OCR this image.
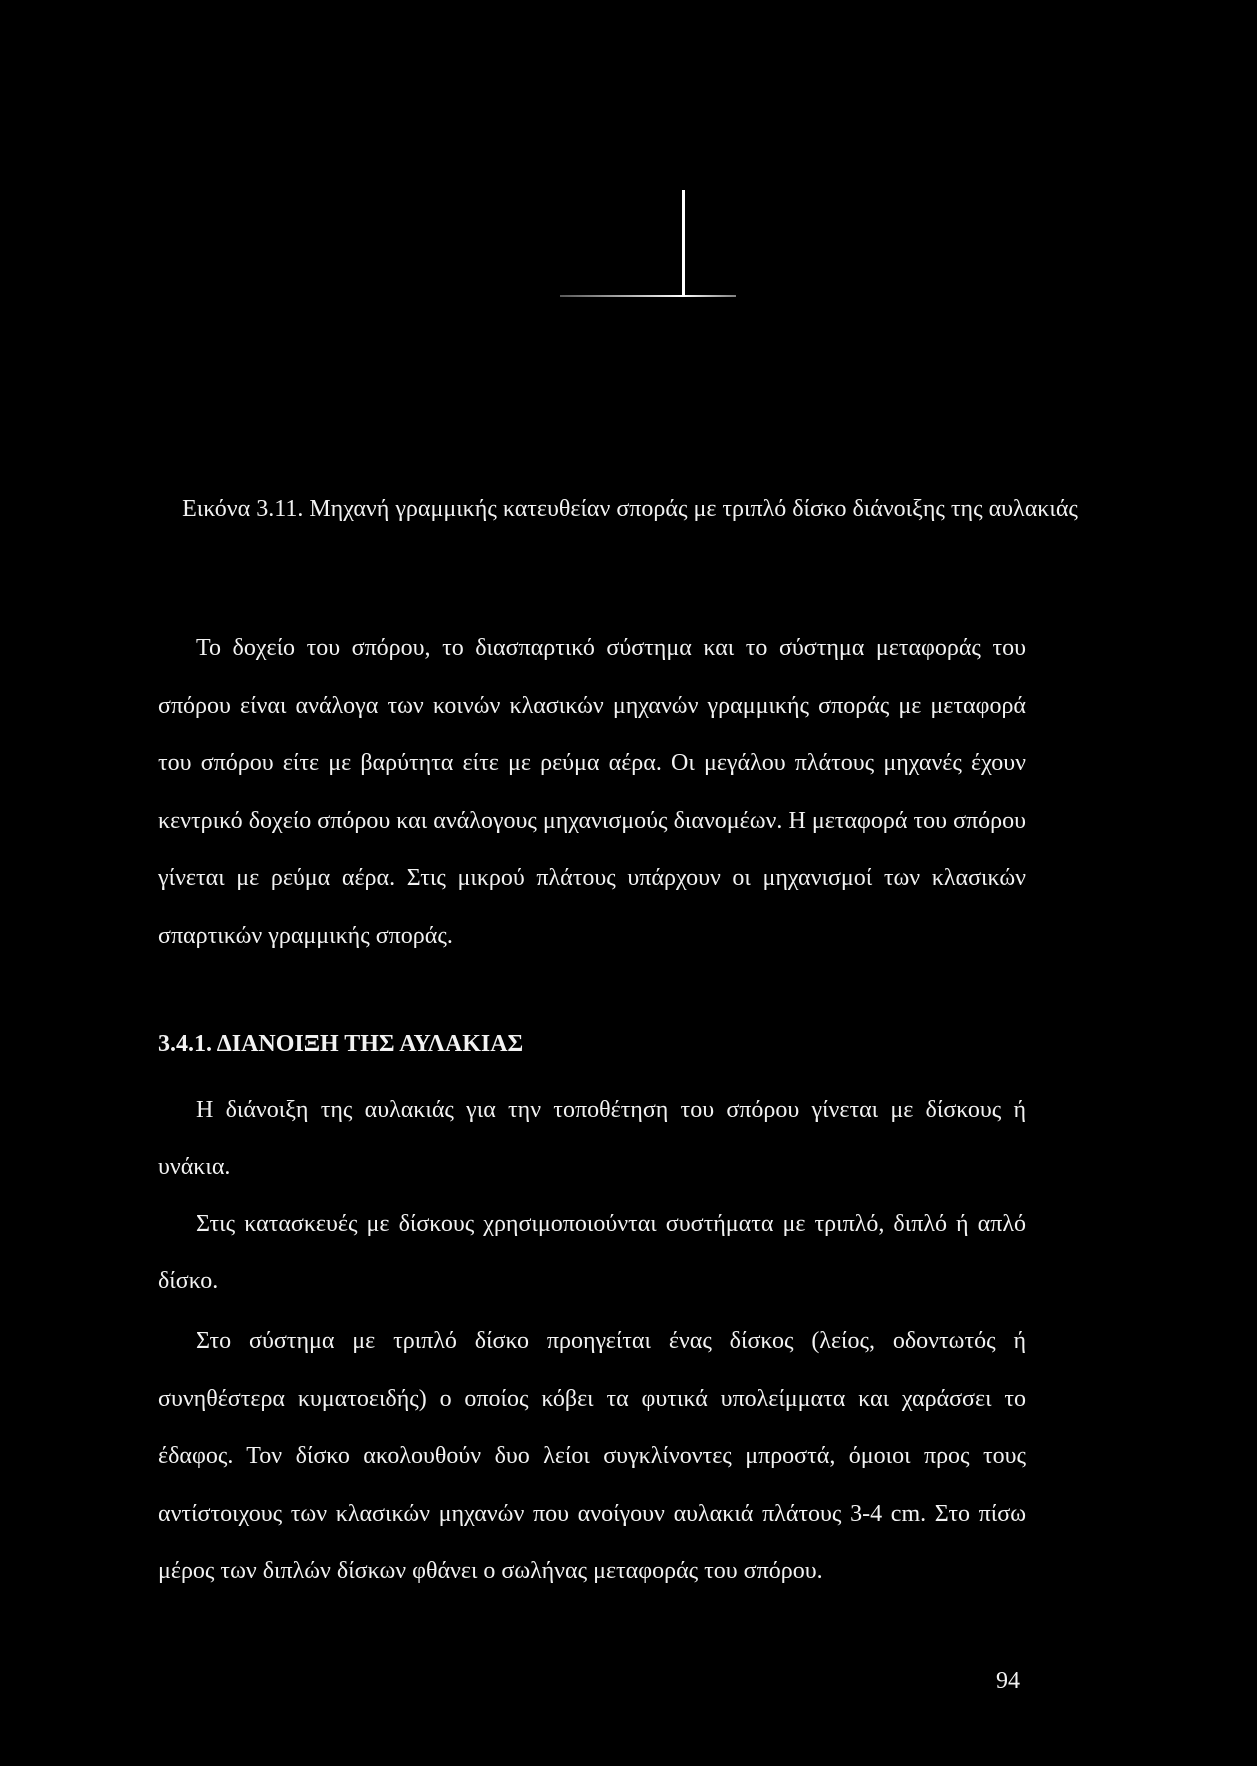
Εικόνα 3.11. Μηχανή γραμμικής κατευθείαν σποράς με τριπλό δίσκο διάνοιξης της αυλακιάς
Το δοχείο του σπόρου, το διασπαρτικό σύστημα και το σύστημα μεταφοράς του σπόρου είναι ανάλογα των κοινών κλασικών μηχανών γραμμικής σποράς με μεταφορά του σπόρου είτε με βαρύτητα είτε με ρεύμα αέρα. Οι μεγάλου πλάτους μηχανές έχουν κεντρικό δοχείο σπόρου και ανάλογους μηχανισμούς διανομέων. Η μεταφορά του σπόρου γίνεται με ρεύμα αέρα. Στις μικρού πλάτους υπάρχουν οι μηχανισμοί των κλασικών σπαρτικών γραμμικής σποράς.
3.4.1. ΔΙΑΝΟΙΞΗ ΤΗΣ ΑΥΛΑΚΙΑΣ
Η διάνοιξη της αυλακιάς για την τοποθέτηση του σπόρου γίνεται με δίσκους ή υνάκια.
Στις κατασκευές με δίσκους χρησιμοποιούνται συστήματα με τριπλό, διπλό ή απλό δίσκο.
Στο σύστημα με τριπλό δίσκο προηγείται ένας δίσκος (λείος, οδοντωτός ή συνηθέστερα κυματοειδής) ο οποίος κόβει τα φυτικά υπολείμματα και χαράσσει το έδαφος. Τον δίσκο ακολουθούν δυο λείοι συγκλίνοντες μπροστά, όμοιοι προς τους αντίστοιχους των κλασικών μηχανών που ανοίγουν αυλακιά πλάτους 3-4 cm. Στο πίσω μέρος των διπλών δίσκων φθάνει ο σωλήνας μεταφοράς του σπόρου.
94
